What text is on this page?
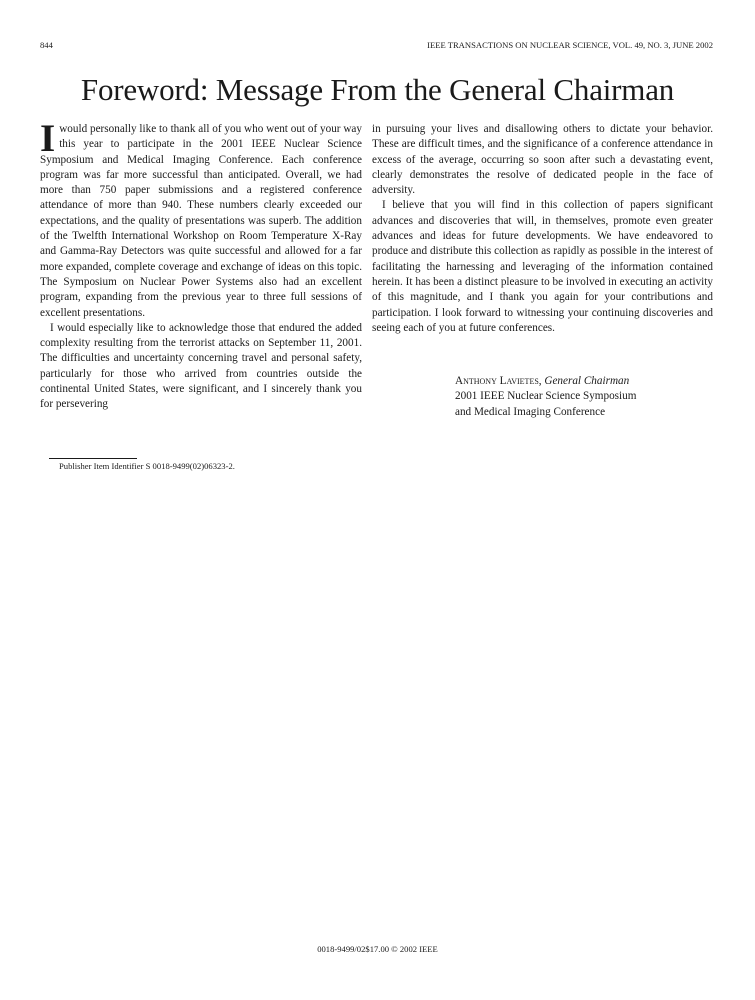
844	IEEE TRANSACTIONS ON NUCLEAR SCIENCE, VOL. 49, NO. 3, JUNE 2002
Foreword: Message From the General Chairman

I would personally like to thank all of you who went out of your way this year to participate in the 2001 IEEE Nuclear Science Symposium and Medical Imaging Conference. Each conference program was far more successful than anticipated. Overall, we had more than 750 paper submissions and a registered conference attendance of more than 940. These numbers clearly exceeded our expectations, and the quality of presentations was superb. The addition of the Twelfth International Workshop on Room Temperature X-Ray and Gamma-Ray Detectors was quite successful and allowed for a far more expanded, complete coverage and exchange of ideas on this topic. The Symposium on Nuclear Power Systems also had an excellent program, expanding from the previous year to three full sessions of excellent presentations.

I would especially like to acknowledge those that endured the added complexity resulting from the terrorist attacks on September 11, 2001. The difficulties and uncertainty concerning travel and personal safety, particularly for those who arrived from countries outside the continental United States, were significant, and I sincerely thank you for persevering

in pursuing your lives and disallowing others to dictate your behavior. These are difficult times, and the significance of a conference attendance in excess of the average, occurring so soon after such a devastating event, clearly demonstrates the resolve of dedicated people in the face of adversity.

I believe that you will find in this collection of papers significant advances and discoveries that will, in themselves, promote even greater advances and ideas for future developments. We have endeavored to produce and distribute this collection as rapidly as possible in the interest of facilitating the harnessing and leveraging of the information contained herein. It has been a distinct pleasure to be involved in executing an activity of this magnitude, and I thank you again for your contributions and participation. I look forward to witnessing your continuing discoveries and seeing each of you at future conferences.

Anthony Lavietes, General Chairman
2001 IEEE Nuclear Science Symposium
and Medical Imaging Conference
Publisher Item Identifier S 0018-9499(02)06323-2.
0018-9499/02$17.00 © 2002 IEEE
